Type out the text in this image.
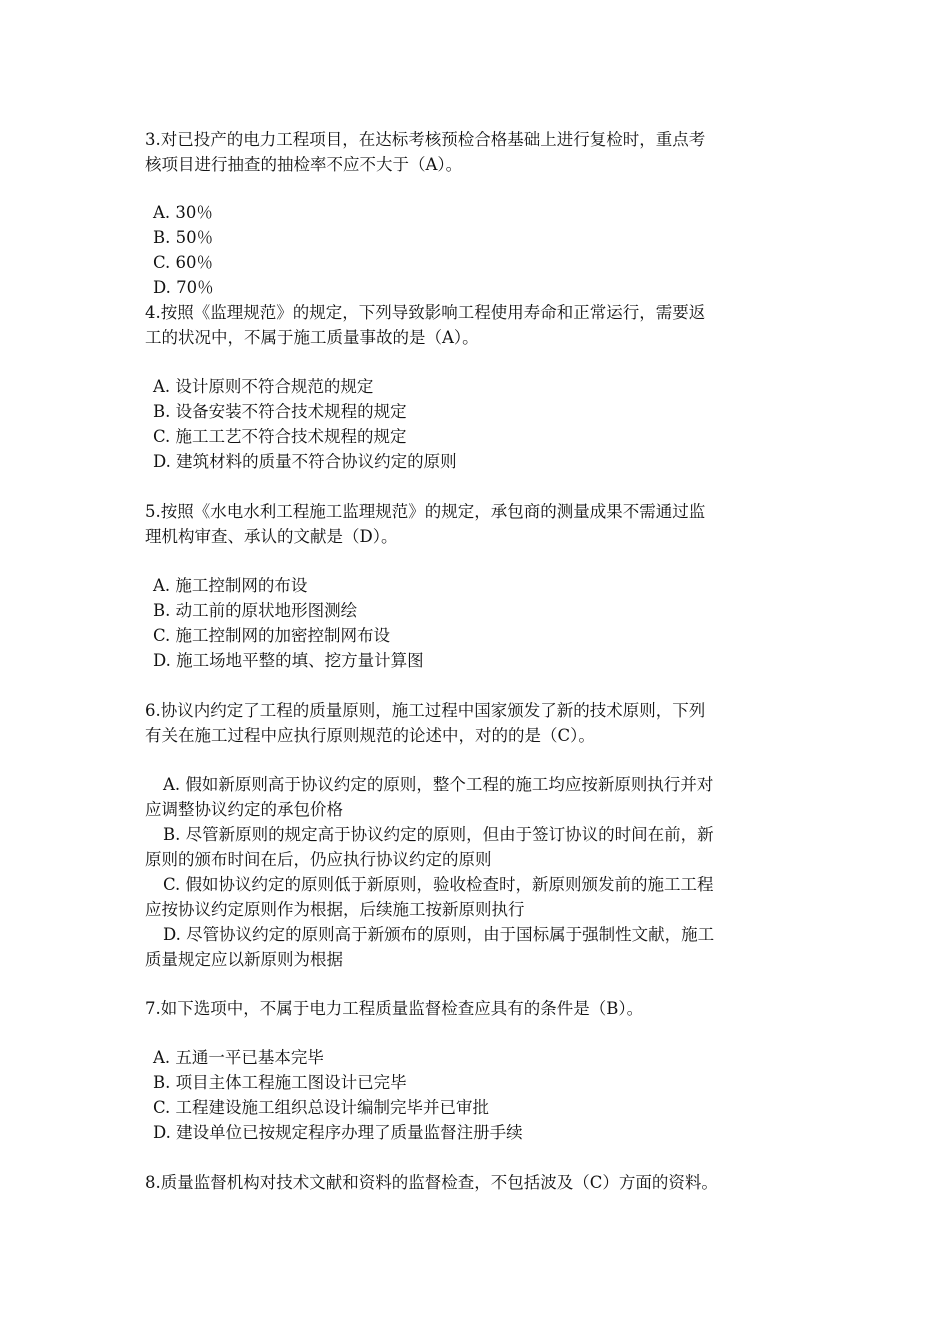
3.对已投产的电力工程项目，在达标考核预检合格基础上进行复检时，重点考
核项目进行抽查的抽检率不应不大于（A）。
A. 30％
B. 50％
C. 60％
D. 70％
4.按照《监理规范》的规定，下列导致影响工程使用寿命和正常运行，需要返
工的状况中，不属于施工质量事故的是（A）。
A. 设计原则不符合规范的规定
B. 设备安装不符合技术规程的规定
C. 施工工艺不符合技术规程的规定
D. 建筑材料的质量不符合协议约定的原则
5.按照《水电水利工程施工监理规范》的规定，承包商的测量成果不需通过监
理机构审查、承认的文献是（D）。
A. 施工控制网的布设
B. 动工前的原状地形图测绘
C. 施工控制网的加密控制网布设
D. 施工场地平整的填、挖方量计算图
6.协议内约定了工程的质量原则，施工过程中国家颁发了新的技术原则，下列
有关在施工过程中应执行原则规范的论述中，对的的是（C）。
A. 假如新原则高于协议约定的原则，整个工程的施工均应按新原则执行并对
应调整协议约定的承包价格
B. 尽管新原则的规定高于协议约定的原则，但由于签订协议的时间在前，新
原则的颁布时间在后，仍应执行协议约定的原则
C. 假如协议约定的原则低于新原则，验收检查时，新原则颁发前的施工工程
应按协议约定原则作为根据，后续施工按新原则执行
D. 尽管协议约定的原则高于新颁布的原则，由于国标属于强制性文献，施工
质量规定应以新原则为根据
7.如下选项中，不属于电力工程质量监督检查应具有的条件是（B）。
A. 五通一平已基本完毕
B. 项目主体工程施工图设计已完毕
C. 工程建设施工组织总设计编制完毕并已审批
D. 建设单位已按规定程序办理了质量监督注册手续
8.质量监督机构对技术文献和资料的监督检查，不包括波及（C）方面的资料。
